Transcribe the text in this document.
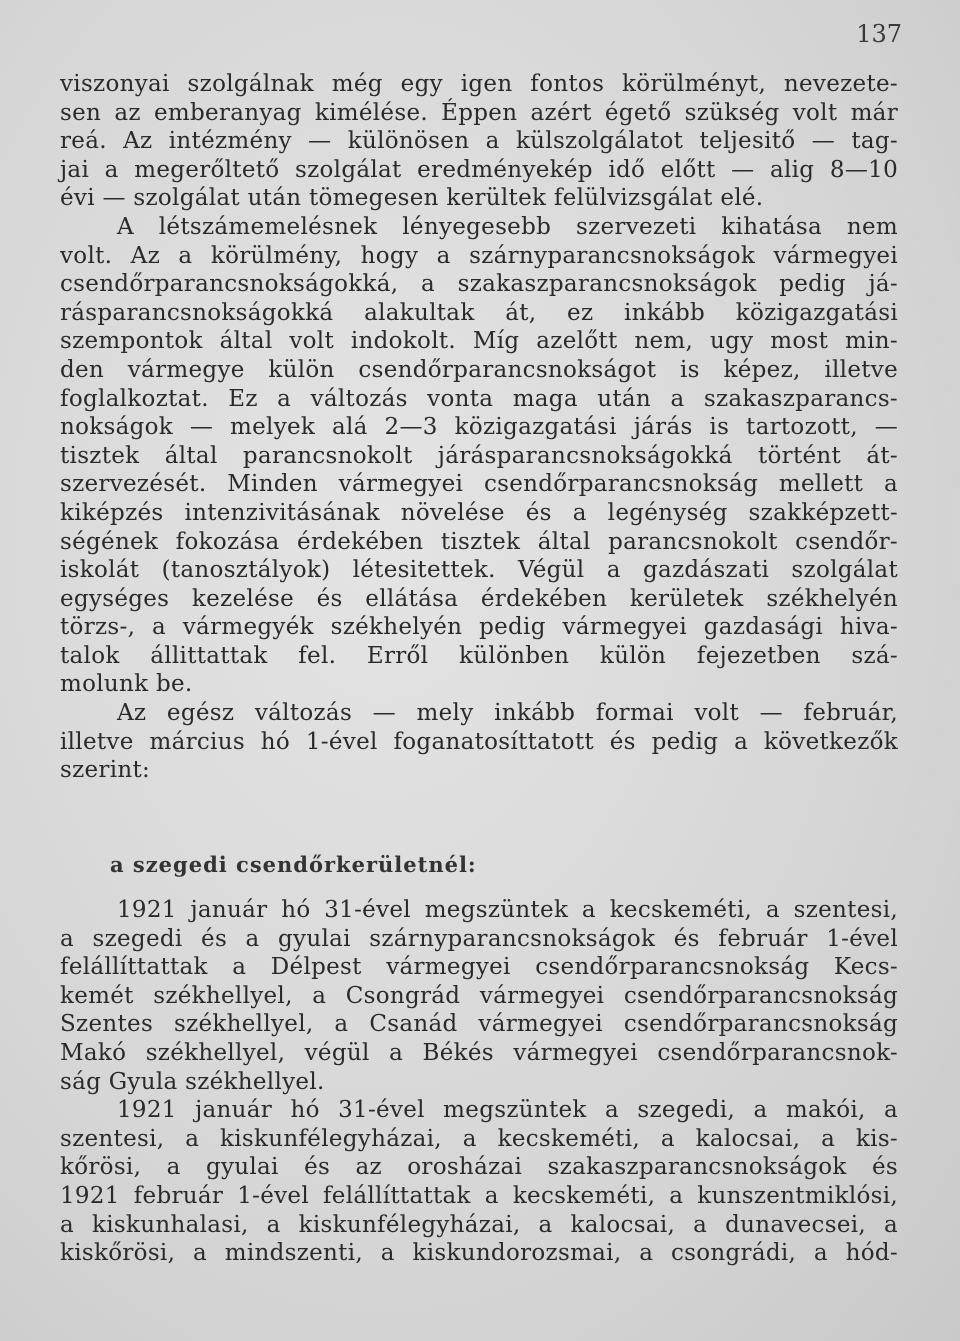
137
viszonyai szolgálnak még egy igen fontos körülményt, nevezete-
sen az emberanyag kimélése. Éppen azért égető szükség volt már
reá. Az intézmény — különösen a külszolgálatot teljesitő — tag-
jai a megerőltető szolgálat eredményekép idő előtt — alig 8—10
évi — szolgálat után tömegesen kerültek felülvizsgálat elé.
A létszámemelésnek lényegesebb szervezeti kihatása nem
volt. Az a körülmény, hogy a szárnyparancsnokságok vármegyei
csendőrparancsnokságokká, a szakaszparancsnokságok pedig já-
rásparancsnokságokká alakultak át, ez inkább közigazgatási
szempontok által volt indokolt. Míg azelőtt nem, ugy most min-
den vármegye külön csendőrparancsnokságot is képez, illetve
foglalkoztat. Ez a változás vonta maga után a szakaszparancs-
nokságok — melyek alá 2—3 közigazgatási járás is tartozott, —
tisztek által parancsnokolt járásparancsnokságokká történt át-
szervezését. Minden vármegyei csendőrparancsnokság mellett a
kiképzés intenzivitásának növelése és a legénység szakképzett-
ségének fokozása érdekében tisztek által parancsnokolt csendőr-
iskolát (tanosztályok) létesitettek. Végül a gazdászati szolgálat
egységes kezelése és ellátása érdekében kerületek székhelyén
törzs-, a vármegyék székhelyén pedig vármegyei gazdasági hiva-
talok állittattak fel. Erről különben külön fejezetben szá-
molunk be.
Az egész változás — mely inkább formai volt — február,
illetve március hó 1-ével foganatosíttatott és pedig a következők
szerint:
a szegedi csendőrkerületnél:
1921 január hó 31-ével megszüntek a kecskeméti, a szentesi,
a szegedi és a gyulai szárnyparancsnokságok és február 1-ével
felállíttattak a Délpest vármegyei csendőrparancsnokság Kecs-
kemét székhellyel, a Csongrád vármegyei csendőrparancsnokság
Szentes székhellyel, a Csanád vármegyei csendőrparancsnokság
Makó székhellyel, végül a Békés vármegyei csendőrparancsnok-
ság Gyula székhellyel.
1921 január hó 31-ével megszüntek a szegedi, a makói, a
szentesi, a kiskunfélegyházai, a kecskeméti, a kalocsai, a kis-
kőrösi, a gyulai és az orosházai szakaszparancsnokságok és
1921 február 1-ével felállíttattak a kecskeméti, a kunszentmiklósi,
a kiskunhalasi, a kiskunfélegyházai, a kalocsai, a dunavecsei, a
kiskőrösi, a mindszenti, a kiskundorozsmai, a csongrádi, a hód-
